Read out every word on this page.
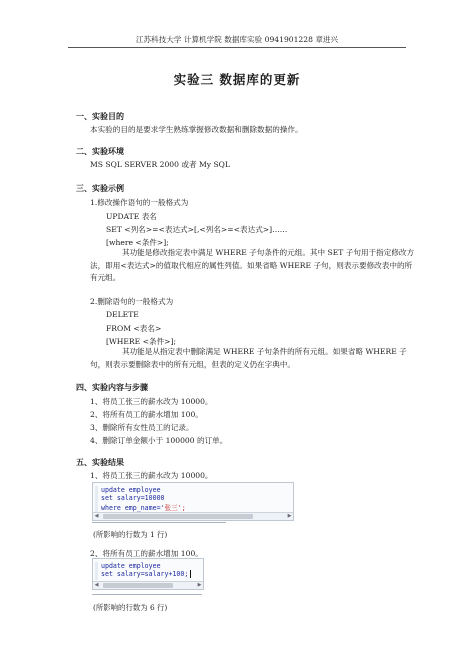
江苏科技大学 计算机学院 数据库实验 0941901228 章进兴
实验三 数据库的更新
一、实验目的
本实验的目的是要求学生熟练掌握修改数据和删除数据的操作。
二、实验环境
MS SQL SERVER 2000 或者 My SQL
三、实验示例
1.修改操作语句的一般格式为
UPDATE 表名
SET <列名>=<表达式>[,<列名>=<表达式>]……
[where <条件>];
其功能是修改指定表中满足 WHERE 子句条件的元组。其中 SET 子句用于指定修改方法，即用<表达式>的值取代相应的属性列值。如果省略 WHERE 子句，则表示要修改表中的所有元组。
2.删除语句的一般格式为
DELETE
FROM <表名>
[WHERE <条件>];
其功能是从指定表中删除满足 WHERE 子句条件的所有元组。如果省略 WHERE 子句，则表示要删除表中的所有元组，但表的定义仍在字典中。
四、实验内容与步骤
1、将员工张三的薪水改为 10000。
2、将所有员工的薪水增加 100。
3、删除所有女性员工的记录。
4、删除订单金额小于 100000 的订单。
五、实验结果
1、将员工张三的薪水改为 10000。
update employee
set salary=10000
where emp_name='张三';
◀	▶
(所影响的行数为 1 行)
2、将所有员工的薪水增加 100。
update employee
set salary=salary+100;
◀	▶
(所影响的行数为 6 行)
